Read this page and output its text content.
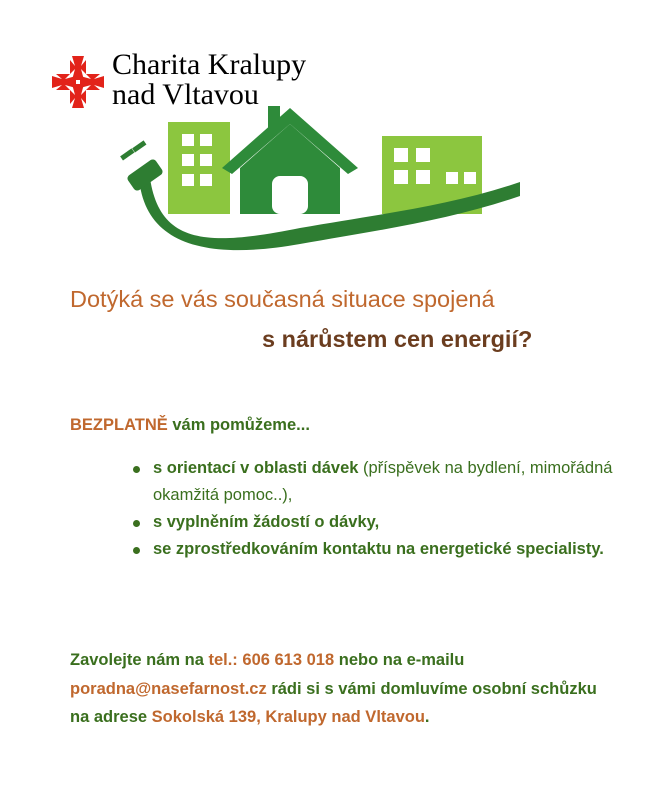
Charita Kralupy
nad Vltavou
Dotýká se vás současná situace spojená
s nárůstem cen energií?
BEZPLATNĚ vám pomůžeme...
s orientací v oblasti dávek (příspěvek na bydlení, mimořádná okamžitá pomoc..),
s vyplněním žádostí o dávky,
se zprostředkováním kontaktu na energetické specialisty.
Zavolejte nám na tel.: 606 613 018 nebo na e-mailu poradna@nasefarnost.cz rádi si s vámi domluvíme osobní schůzku na adrese Sokolská 139, Kralupy nad Vltavou.
